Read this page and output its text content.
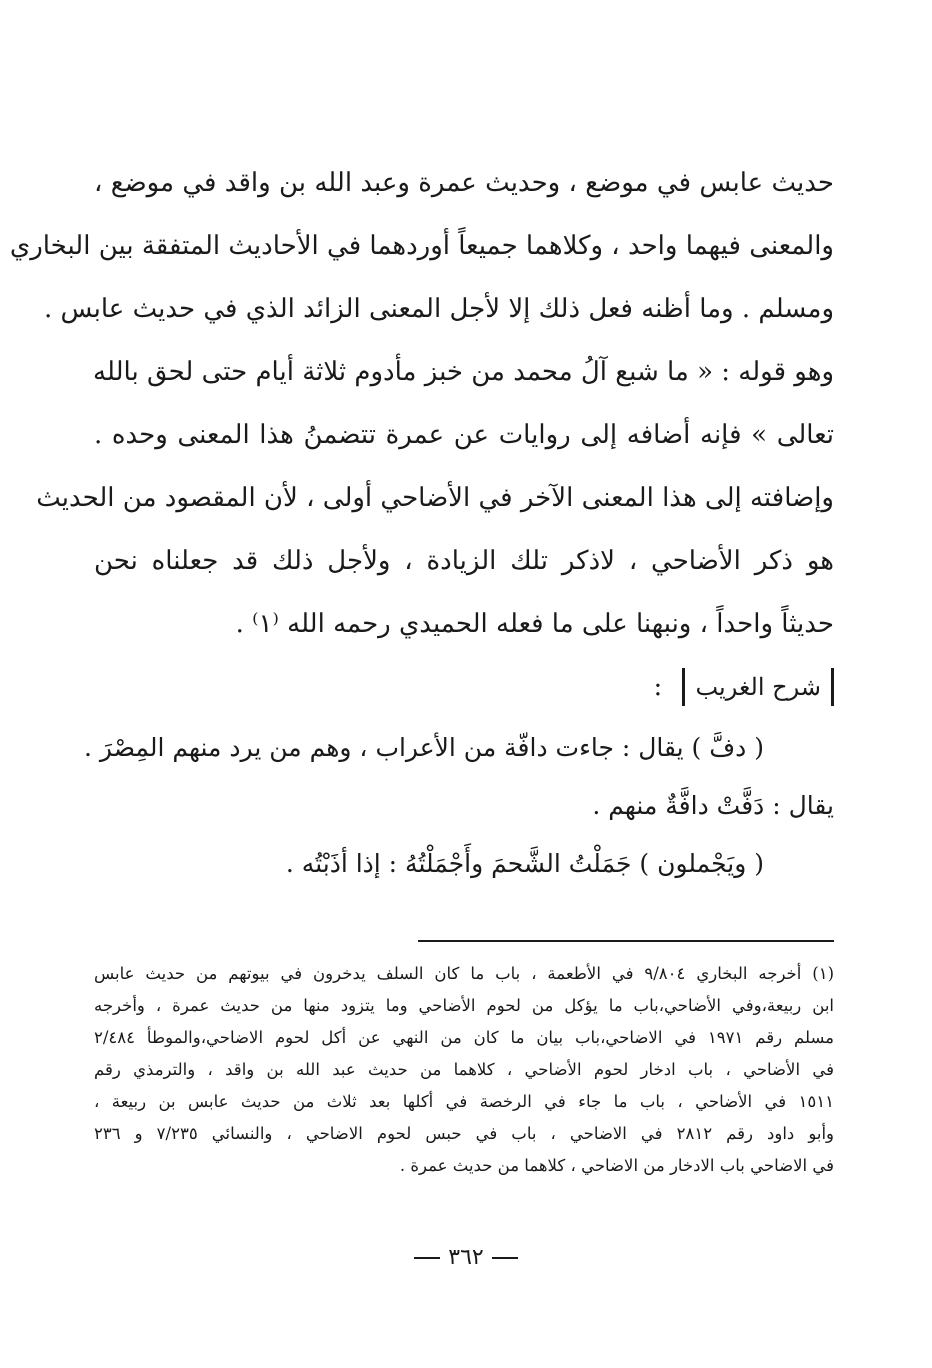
حديث عابس في موضع ، وحديث عمرة وعبد الله بن واقد في موضع ،
والمعنى فيهما واحد ، وكلاهما جميعاً أوردهما في الأحاديث المتفقة بين البخاري
ومسلم . وما أظنه فعل ذلك إلا لأجل المعنى الزائد الذي في حديث عابس .
وهو قوله : « ما شبع آلُ محمد من خبز مأدوم ثلاثة أيام حتى لحق بالله
تعالى » فإنه أضافه إلى روايات عن عمرة تتضمنُ هذا المعنى وحده .
وإضافته إلى هذا المعنى الآخر في الأضاحي أولى ، لأن المقصود من الحديث
هو ذكر الأضاحي ، لاذكر تلك الزيادة ، ولأجل ذلك قد جعلناه نحن
حديثاً واحداً ، ونبهنا على ما فعله الحميدي رحمه الله ⁽١⁾ .
شرح الغريب :
( دفَّ ) يقال : جاءت دافّة من الأعراب ، وهم من يرد منهم المِصْرَ .
يقال : دَفَّتْ دافَّةٌ منهم .
( ويَجْملون ) جَمَلْتُ الشَّحمَ وأَجْمَلْتُهُ : إذا أذَبْتُه .
(١) أخرجه البخاري ٩/٨٠٤ في الأطعمة ، باب ما كان السلف يدخرون في بيوتهم من حديث عابس
ابن ربيعة،وفي الأضاحي،باب ما يؤكل من لحوم الأضاحي وما يتزود منها من حديث عمرة ، وأخرجه
مسلم رقم ١٩٧١ في الاضاحي،باب بيان ما كان من النهي عن أكل لحوم الاضاحي،والموطأ ٢/٤٨٤
في الأضاحي ، باب ادخار لحوم الأضاحي ، كلاهما من حديث عبد الله بن واقد ، والترمذي رقم
١٥١١ في الأضاحي ، باب ما جاء في الرخصة في أكلها بعد ثلاث من حديث عابس بن ربيعة ،
وأبو داود رقم ٢٨١٢ في الاضاحي ، باب في حبس لحوم الاضاحي ، والنسائي ٧/٢٣٥ و ٢٣٦
في الاضاحي باب الادخار من الاضاحي ، كلاهما من حديث عمرة .
٣٦٢
